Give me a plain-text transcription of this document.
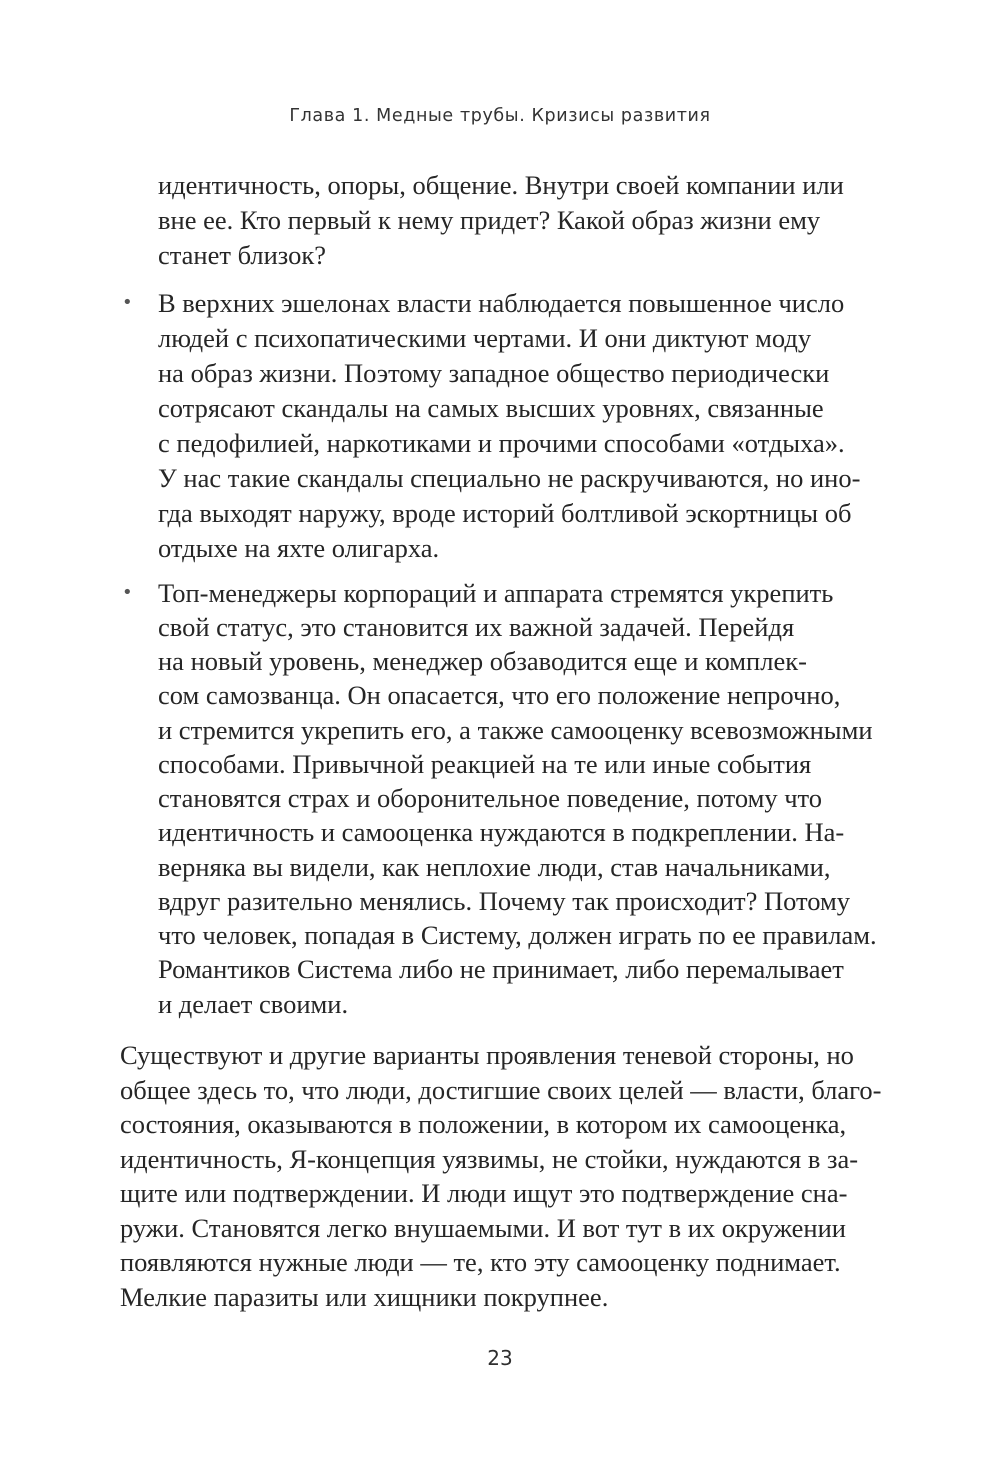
Глава 1. Медные трубы. Кризисы развития
идентичность, опоры, общение. Внутри своей компании или
вне ее. Кто первый к нему придет? Какой образ жизни ему
станет близок?
• В верхних эшелонах власти наблюдается повышенное число
людей с психопатическими чертами. И они диктуют моду
на образ жизни. Поэтому западное общество периодически
сотрясают скандалы на самых высших уровнях, связанные
с педофилией, наркотиками и прочими способами «отдыха».
У нас такие скандалы специально не раскручиваются, но ино-
гда выходят наружу, вроде историй болтливой эскортницы об
отдыхе на яхте олигарха.
• Топ-менеджеры корпораций и аппарата стремятся укрепить
свой статус, это становится их важной задачей. Перейдя
на новый уровень, менеджер обзаводится еще и комплек-
сом самозванца. Он опасается, что его положение непрочно,
и стремится укрепить его, а также самооценку всевозможными
способами. Привычной реакцией на те или иные события
становятся страх и оборонительное поведение, потому что
идентичность и самооценка нуждаются в подкреплении. На-
верняка вы видели, как неплохие люди, став начальниками,
вдруг разительно менялись. Почему так происходит? Потому
что человек, попадая в Систему, должен играть по ее правилам.
Романтиков Система либо не принимает, либо перемалывает
и делает своими.
Существуют и другие варианты проявления теневой стороны, но
общее здесь то, что люди, достигшие своих целей — власти, благо-
состояния, оказываются в положении, в котором их самооценка,
идентичность, Я-концепция уязвимы, не стойки, нуждаются в за-
щите или подтверждении. И люди ищут это подтверждение сна-
ружи. Становятся легко внушаемыми. И вот тут в их окружении
появляются нужные люди — те, кто эту самооценку поднимает.
Мелкие паразиты или хищники покрупнее.
23
